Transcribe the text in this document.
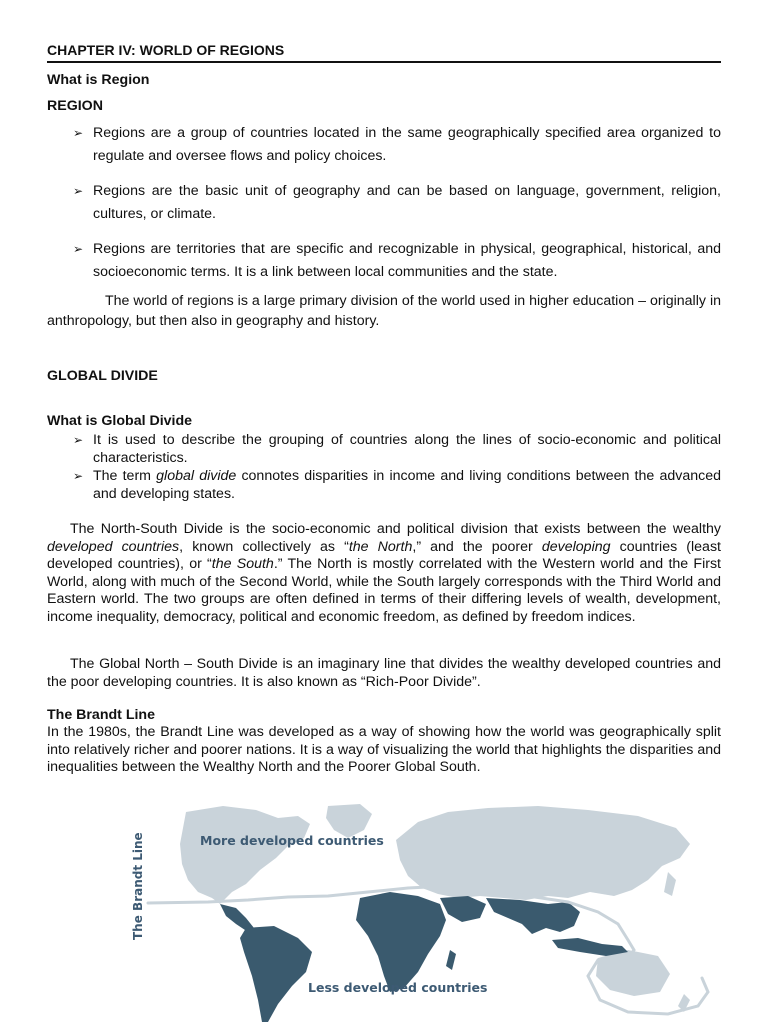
CHAPTER IV: WORLD OF REGIONS
What is Region
REGION
➢ Regions are a group of countries located in the same geographically specified area organized to regulate and oversee flows and policy choices.
➢ Regions are the basic unit of geography and can be based on language, government, religion, cultures, or climate.
➢ Regions are territories that are specific and recognizable in physical, geographical, historical, and socioeconomic terms. It is a link between local communities and the state.
The world of regions is a large primary division of the world used in higher education – originally in anthropology, but then also in geography and history.
GLOBAL DIVIDE
What is Global Divide
➢ It is used to describe the grouping of countries along the lines of socio-economic and political characteristics.
➢ The term global divide connotes disparities in income and living conditions between the advanced and developing states.
The North-South Divide is the socio-economic and political division that exists between the wealthy developed countries, known collectively as “the North,” and the poorer developing countries (least developed countries), or “the South.” The North is mostly correlated with the Western world and the First World, along with much of the Second World, while the South largely corresponds with the Third World and Eastern world. The two groups are often defined in terms of their differing levels of wealth, development, income inequality, democracy, political and economic freedom, as defined by freedom indices.
The Global North – South Divide is an imaginary line that divides the wealthy developed countries and the poor developing countries. It is also known as “Rich-Poor Divide”.
The Brandt Line
In the 1980s, the Brandt Line was developed as a way of showing how the world was geographically split into relatively richer and poorer nations. It is a way of visualizing the world that highlights the disparities and inequalities between the Wealthy North and the Poorer Global South.
More developed countries
Less developed countries
The Brandt Line
